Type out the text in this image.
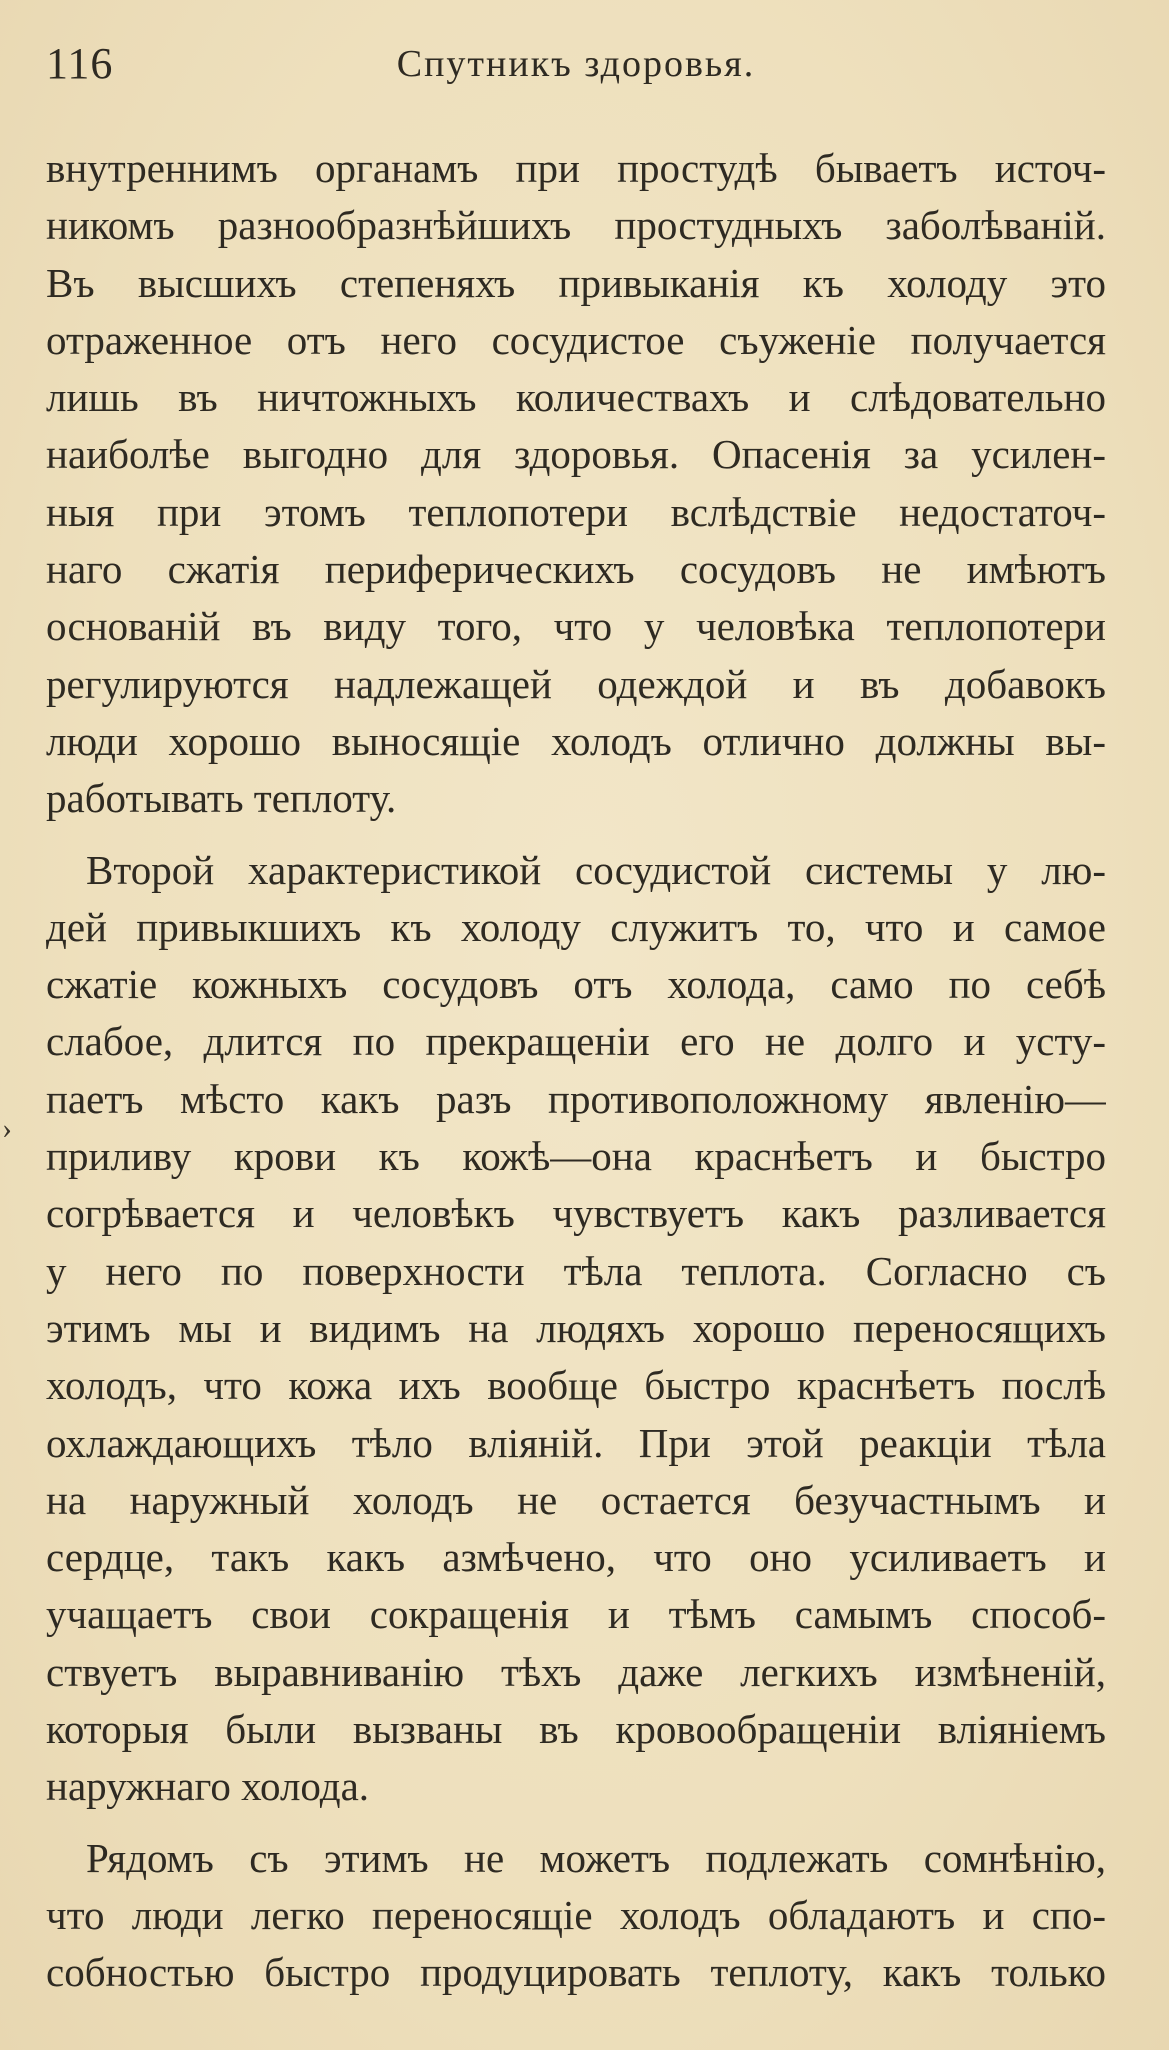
116	Спутникъ здоровья.
›
внутреннимъ органамъ при простудѣ бываетъ источ-
никомъ разнообразнѣйшихъ простудныхъ заболѣваній.
Въ высшихъ степеняхъ привыканія къ холоду это
отраженное отъ него сосудистое съуженіе получается
лишь въ ничтожныхъ количествахъ и слѣдовательно
наиболѣе выгодно для здоровья. Опасенія за усилен-
ныя при этомъ теплопотери вслѣдствіе недостаточ-
наго сжатія периферическихъ сосудовъ не имѣютъ
основаній въ виду того, что у человѣка теплопотери
регулируются надлежащей одеждой и въ добавокъ
люди хорошо выносящіе холодъ отлично должны вы-
работывать теплоту.
Второй характеристикой сосудистой системы у лю-
дей привыкшихъ къ холоду служитъ то, что и самое
сжатіе кожныхъ сосудовъ отъ холода, само по себѣ
слабое, длится по прекращеніи его не долго и усту-
паетъ мѣсто какъ разъ противоположному явленію—
приливу крови къ кожѣ—она краснѣетъ и быстро
согрѣвается и человѣкъ чувствуетъ какъ разливается
у него по поверхности тѣла теплота. Согласно съ
этимъ мы и видимъ на людяхъ хорошо переносящихъ
холодъ, что кожа ихъ вообще быстро краснѣетъ послѣ
охлаждающихъ тѣло вліяній. При этой реакціи тѣла
на наружный холодъ не остается безучастнымъ и
сердце, такъ какъ азмѣчено, что оно усиливаетъ и
учащаетъ свои сокращенія и тѣмъ самымъ способ-
ствуетъ выравниванію тѣхъ даже легкихъ измѣненій,
которыя были вызваны въ кровообращеніи вліяніемъ
наружнаго холода.
Рядомъ съ этимъ не можетъ подлежать сомнѣнію,
что люди легко переносящіе холодъ обладаютъ и спо-
собностью быстро продуцировать теплоту, какъ только
